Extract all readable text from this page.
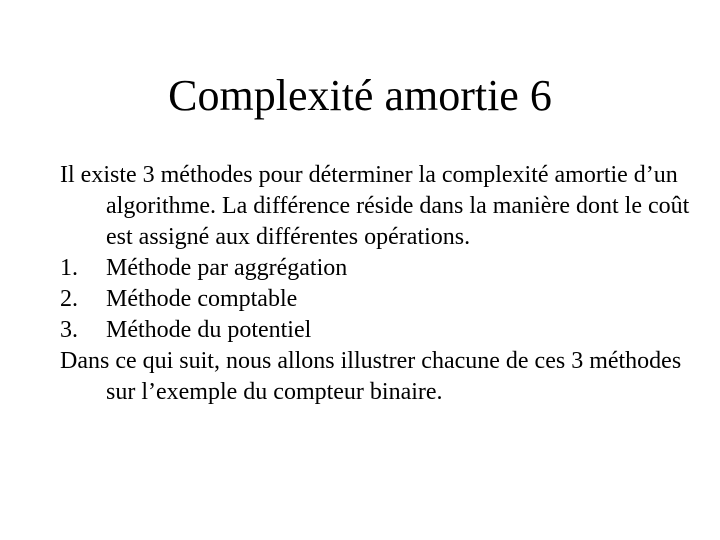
Complexité amortie 6

Il existe 3 méthodes pour déterminer la complexité amortie d’un algorithme. La différence réside dans la manière dont le coût est assigné aux différentes opérations.

1.	Méthode par aggrégation
2.	Méthode comptable
3.	Méthode du potentiel

Dans ce qui suit, nous allons illustrer chacune de ces 3 méthodes sur l’exemple du compteur binaire.
